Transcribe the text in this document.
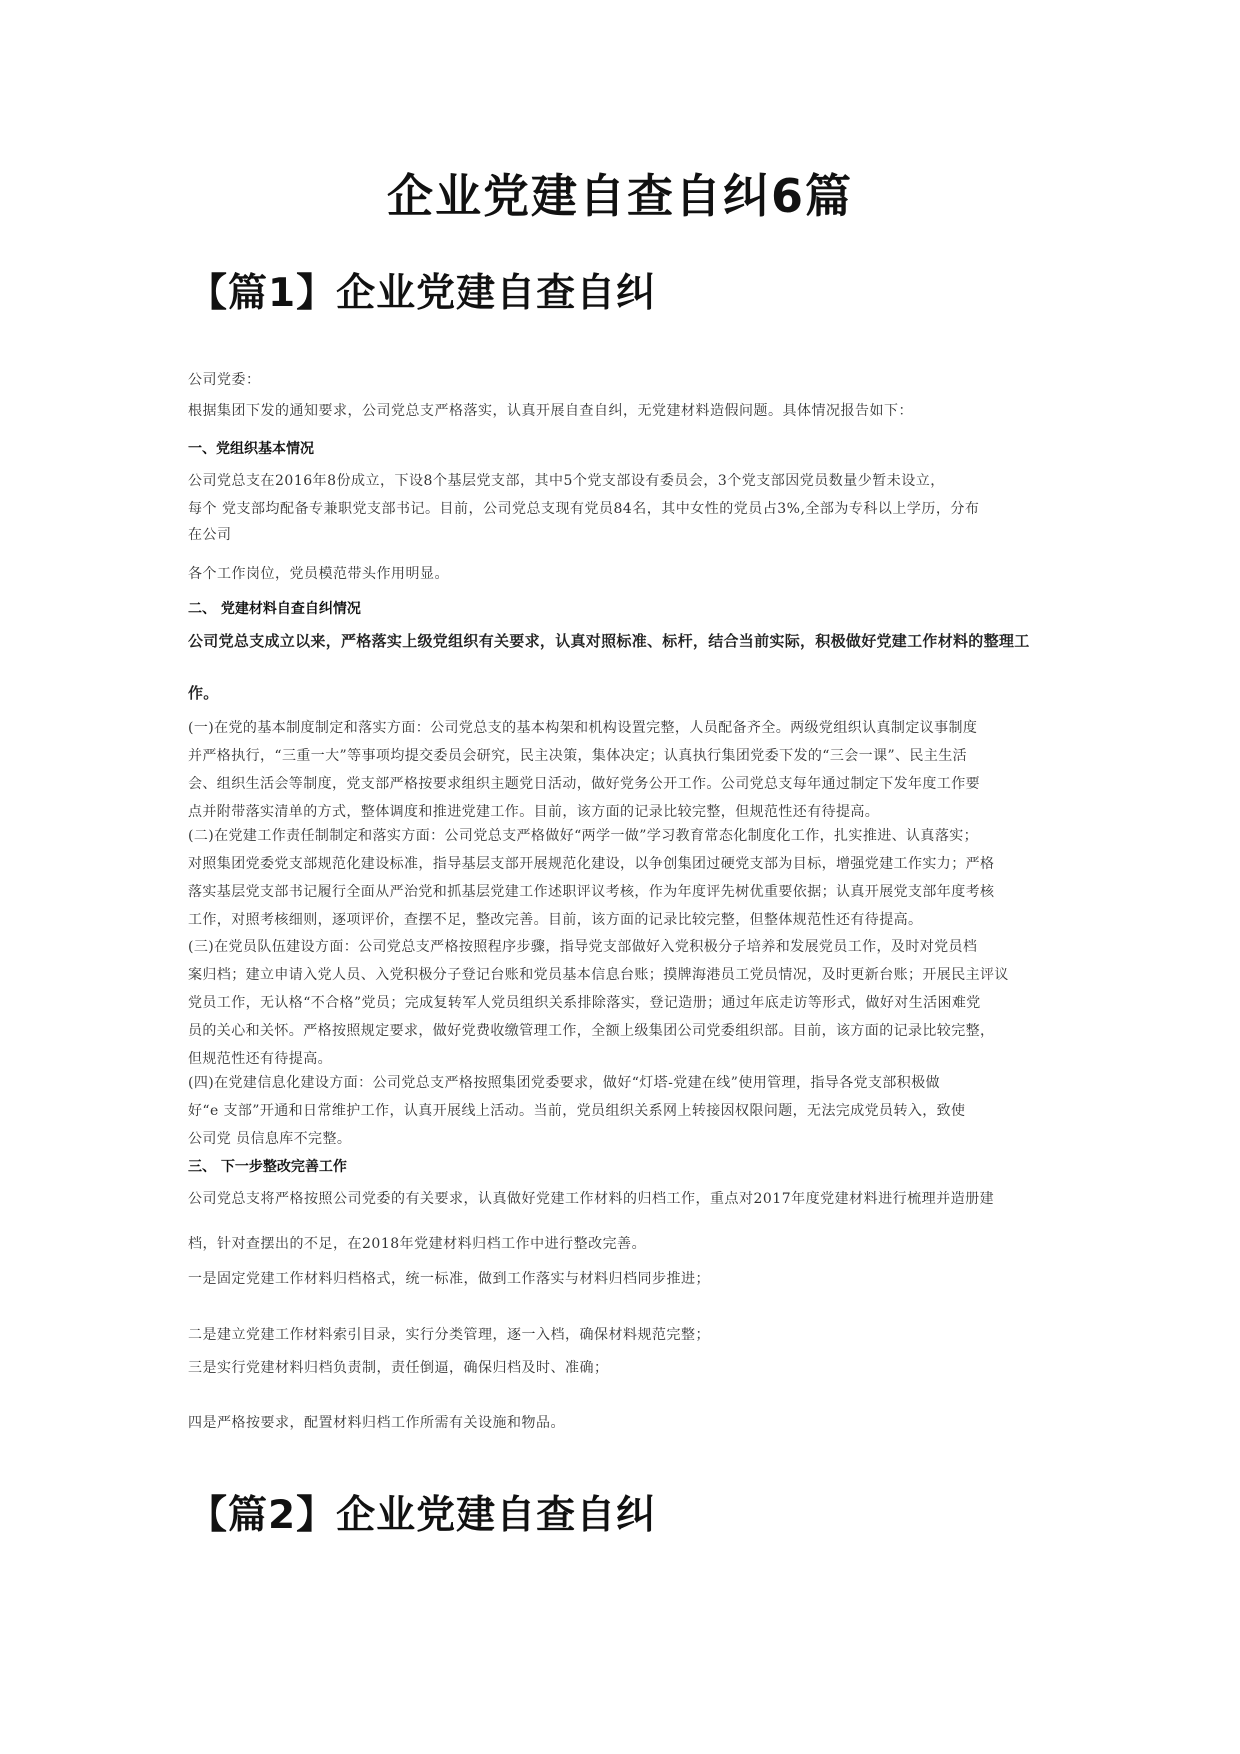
企业党建自查自纠6篇
【篇1】企业党建自查自纠
公司党委：
根据集团下发的通知要求，公司党总支严格落实，认真开展自查自纠，无党建材料造假问题。具体情况报告如下：
一、党组织基本情况
公司党总支在2016年8份成立，下设8个基层党支部，其中5个党支部设有委员会，3个党支部因党员数量少暂未设立，
每个 党支部均配备专兼职党支部书记。目前，公司党总支现有党员84名，其中女性的党员占3%,全部为专科以上学历，分布
在公司
各个工作岗位，党员模范带头作用明显。
二、 党建材料自查自纠情况
公司党总支成立以来，严格落实上级党组织有关要求，认真对照标准、标杆，结合当前实际，积极做好党建工作材料的整理工
作。
(一)在党的基本制度制定和落实方面：公司党总支的基本构架和机构设置完整，人员配备齐全。两级党组织认真制定议事制度
并严格执行，“三重一大”等事项均提交委员会研究，民主决策，集体决定；认真执行集团党委下发的“三会一课”、民主生活
会、组织生活会等制度，党支部严格按要求组织主题党日活动，做好党务公开工作。公司党总支每年通过制定下发年度工作要
点并附带落实清单的方式，整体调度和推进党建工作。目前，该方面的记录比较完整，但规范性还有待提高。
(二)在党建工作责任制制定和落实方面：公司党总支严格做好“两学一做”学习教育常态化制度化工作，扎实推进、认真落实；
对照集团党委党支部规范化建设标准，指导基层支部开展规范化建设，以争创集团过硬党支部为目标，增强党建工作实力；严格
落实基层党支部书记履行全面从严治党和抓基层党建工作述职评议考核，作为年度评先树优重要依据；认真开展党支部年度考核
工作，对照考核细则，逐项评价，查摆不足，整改完善。目前，该方面的记录比较完整，但整体规范性还有待提高。
(三)在党员队伍建设方面：公司党总支严格按照程序步骤，指导党支部做好入党积极分子培养和发展党员工作，及时对党员档
案归档；建立申请入党人员、入党积极分子登记台账和党员基本信息台账；摸牌海港员工党员情况，及时更新台账；开展民主评议
党员工作，无认格“不合格”党员；完成复转军人党员组织关系排除落实，登记造册；通过年底走访等形式，做好对生活困难党
员的关心和关怀。严格按照规定要求，做好党费收缴管理工作，全额上级集团公司党委组织部。目前，该方面的记录比较完整，
但规范性还有待提高。
(四)在党建信息化建设方面：公司党总支严格按照集团党委要求，做好“灯塔-党建在线”使用管理，指导各党支部积极做
好“e 支部”开通和日常维护工作，认真开展线上活动。当前，党员组织关系网上转接因权限问题，无法完成党员转入，致使
公司党 员信息库不完整。
三、 下一步整改完善工作
公司党总支将严格按照公司党委的有关要求，认真做好党建工作材料的归档工作，重点对2017年度党建材料进行梳理并造册建
档，针对查摆出的不足，在2018年党建材料归档工作中进行整改完善。
一是固定党建工作材料归档格式，统一标准，做到工作落实与材料归档同步推进；
二是建立党建工作材料索引目录，实行分类管理，逐一入档，确保材料规范完整；
三是实行党建材料归档负责制，责任倒逼，确保归档及时、准确；
四是严格按要求，配置材料归档工作所需有关设施和物品。
【篇2】企业党建自查自纠
